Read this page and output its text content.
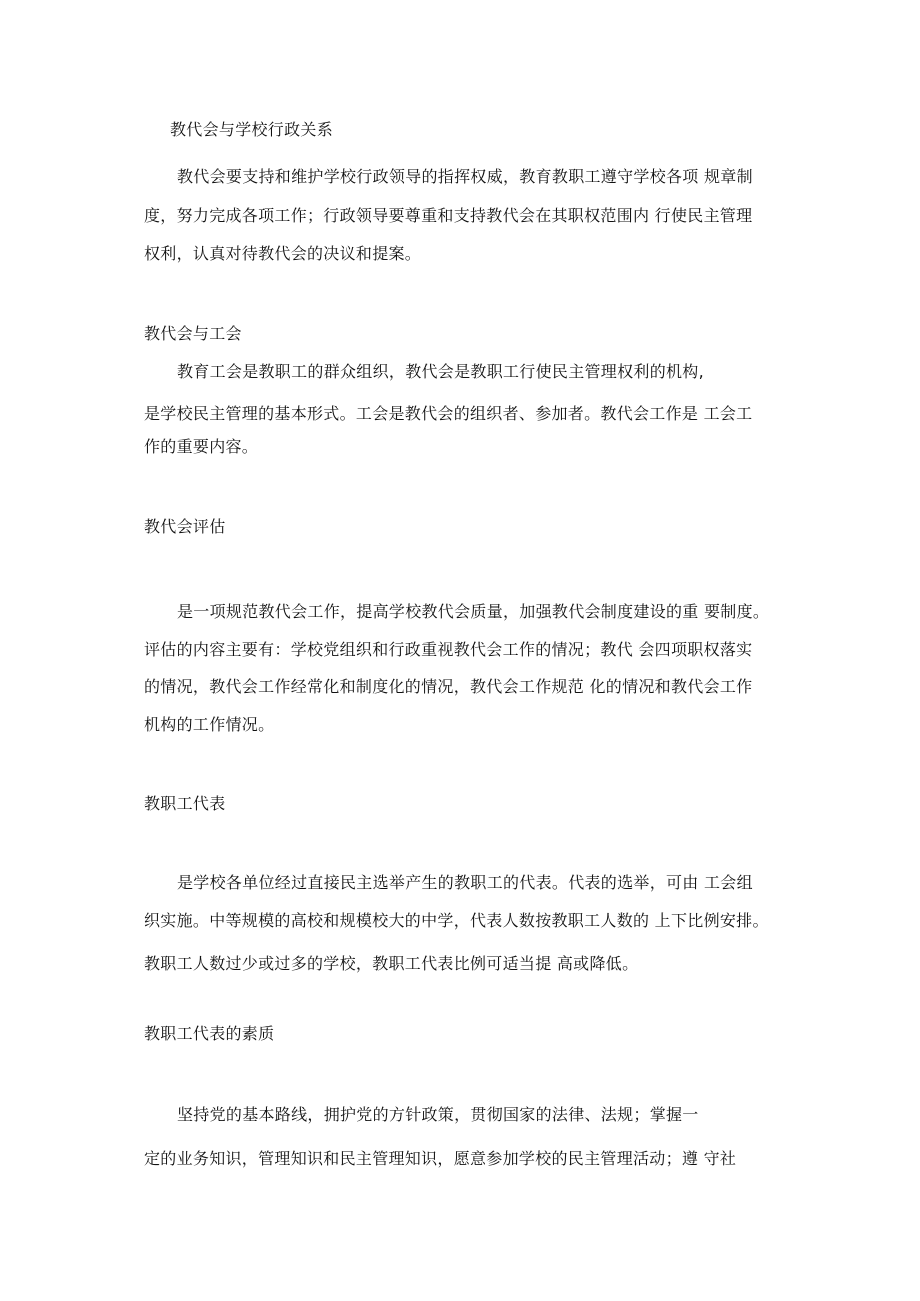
教代会与学校行政关系
教代会要支持和维护学校行政领导的指挥权威，教育教职工遵守学校各项 规章制
度，努力完成各项工作；行政领导要尊重和支持教代会在其职权范围内 行使民主管理
权利，认真对待教代会的决议和提案。
教代会与工会
教育工会是教职工的群众组织，教代会是教职工行使民主管理权利的机构,
是学校民主管理的基本形式。工会是教代会的组织者、参加者。教代会工作是 工会工
作的重要内容。
教代会评估
是一项规范教代会工作，提高学校教代会质量，加强教代会制度建设的重 要制度。
评估的内容主要有：学校党组织和行政重视教代会工作的情况；教代 会四项职权落实
的情况，教代会工作经常化和制度化的情况，教代会工作规范 化的情况和教代会工作
机构的工作情况。
教职工代表
是学校各单位经过直接民主选举产生的教职工的代表。代表的选举，可由 工会组
织实施。中等规模的高校和规模校大的中学，代表人数按教职工人数的 上下比例安排。
教职工人数过少或过多的学校，教职工代表比例可适当提 高或降低。
教职工代表的素质
坚持党的基本路线，拥护党的方针政策，贯彻国家的法律、法规；掌握一
定的业务知识，管理知识和民主管理知识，愿意参加学校的民主管理活动；遵 守社
